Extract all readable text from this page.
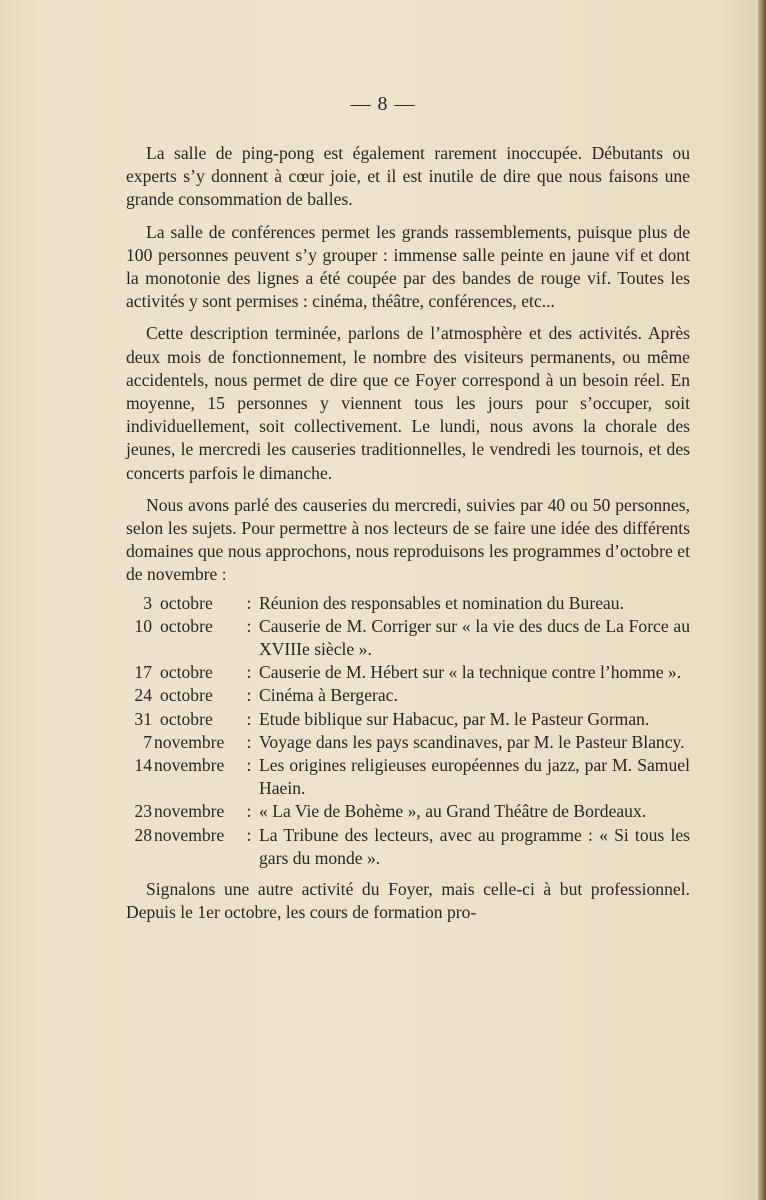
— 8 —

La salle de ping-pong est également rarement inoccupée. Débutants ou experts s’y donnent à cœur joie, et il est inutile de dire que nous faisons une grande consommation de balles.

La salle de conférences permet les grands rassemblements, puisque plus de 100 personnes peuvent s’y grouper : immense salle peinte en jaune vif et dont la monotonie des lignes a été coupée par des bandes de rouge vif. Toutes les activités y sont permises : cinéma, théâtre, conférences, etc...

Cette description terminée, parlons de l’atmosphère et des activités. Après deux mois de fonctionnement, le nombre des visiteurs permanents, ou même accidentels, nous permet de dire que ce Foyer correspond à un besoin réel. En moyenne, 15 personnes y viennent tous les jours pour s’occuper, soit individuellement, soit collectivement. Le lundi, nous avons la chorale des jeunes, le mercredi les causeries traditionnelles, le vendredi les tournois, et des concerts parfois le dimanche.

Nous avons parlé des causeries du mercredi, suivies par 40 ou 50 personnes, selon les sujets. Pour permettre à nos lecteurs de se faire une idée des différents domaines que nous approchons, nous reproduisons les programmes d’octobre et de novembre :

3 octobre	: Réunion des responsables et nomination du Bureau.
10 octobre	: Causerie de M. Corriger sur « la vie des ducs de La Force au XVIIIe siècle ».
17 octobre	: Causerie de M. Hébert sur « la technique contre l’homme ».
24 octobre	: Cinéma à Bergerac.
31 octobre	: Etude biblique sur Habacuc, par M. le Pasteur Gorman.
7 novembre	: Voyage dans les pays scandinaves, par M. le Pasteur Blancy.
14 novembre	: Les origines religieuses européennes du jazz, par M. Samuel Haein.
23 novembre	: « La Vie de Bohème », au Grand Théâtre de Bordeaux.
28 novembre	: La Tribune des lecteurs, avec au programme : « Si tous les gars du monde ».

Signalons une autre activité du Foyer, mais celle-ci à but professionnel. Depuis le 1er octobre, les cours de formation pro-
